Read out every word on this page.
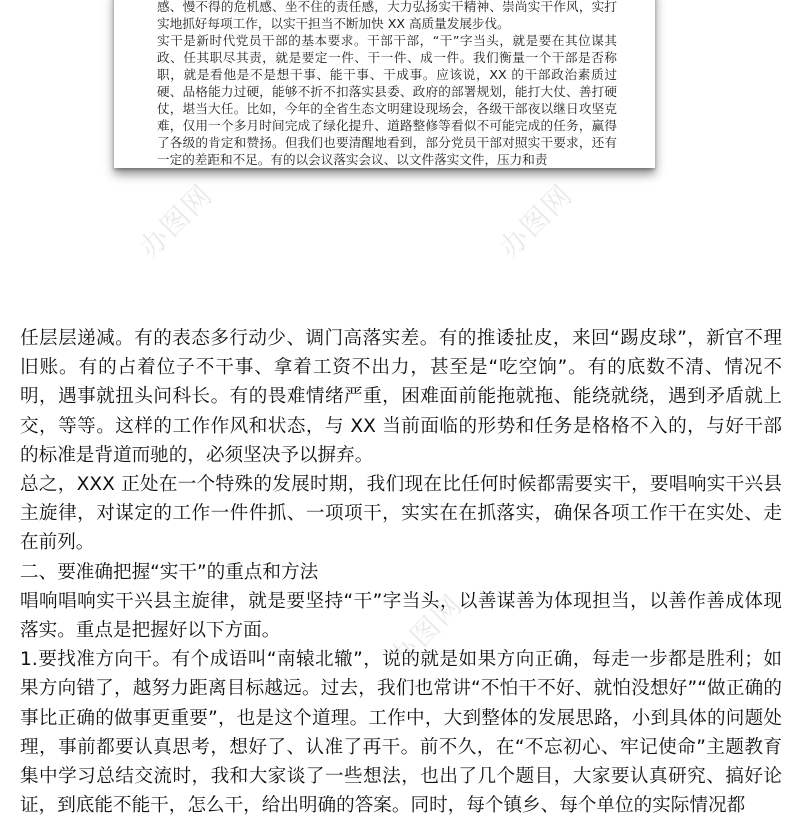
感、慢不得的危机感、坐不住的责任感，大力弘扬实干精神、崇尚实干作风，实打实地抓好每项工作，以实干担当不断加快 XX 高质量发展步伐。

实干是新时代党员干部的基本要求。干部干部，“干”字当头，就是要在其位谋其政、任其职尽其责，就是要定一件、干一件、成一件。我们衡量一个干部是否称职，就是看他是不是想干事、能干事、干成事。应该说，XX 的干部政治素质过硬、品格能力过硬，能够不折不扣落实县委、政府的部署规划，能打大仗、善打硬仗，堪当大任。比如，今年的全省生态文明建设现场会，各级干部夜以继日攻坚克难，仅用一个多月时间完成了绿化提升、道路整修等看似不可能完成的任务，赢得了各级的肯定和赞扬。但我们也要清醒地看到，部分党员干部对照实干要求，还有一定的差距和不足。有的以会议落实会议、以文件落实文件，压力和责

办图网	办图网
办图网

任层层递减。有的表态多行动少、调门高落实差。有的推诿扯皮，来回“踢皮球”，新官不理旧账。有的占着位子不干事、拿着工资不出力，甚至是“吃空饷”。有的底数不清、情况不明，遇事就扭头问科长。有的畏难情绪严重，困难面前能拖就拖、能绕就绕，遇到矛盾就上交，等等。这样的工作作风和状态，与 XX 当前面临的形势和任务是格格不入的，与好干部的标准是背道而驰的，必须坚决予以摒弃。

总之，XXX 正处在一个特殊的发展时期，我们现在比任何时候都需要实干，要唱响实干兴县主旋律，对谋定的工作一件件抓、一项项干，实实在在抓落实，确保各项工作干在实处、走在前列。

二、要准确把握“实干”的重点和方法

唱响唱响实干兴县主旋律，就是要坚持“干”字当头，以善谋善为体现担当，以善作善成体现落实。重点是把握好以下方面。

1.要找准方向干。有个成语叫“南辕北辙”，说的就是如果方向正确，每走一步都是胜利；如果方向错了，越努力距离目标越远。过去，我们也常讲“不怕干不好、就怕没想好”“做正确的事比正确的做事更重要”，也是这个道理。工作中，大到整体的发展思路，小到具体的问题处理，事前都要认真思考，想好了、认准了再干。前不久，在“不忘初心、牢记使命”主题教育集中学习总结交流时，我和大家谈了一些想法，也出了几个题目，大家要认真研究、搞好论证，到底能不能干，怎么干，给出明确的答案。同时，每个镇乡、每个单位的实际情况都
